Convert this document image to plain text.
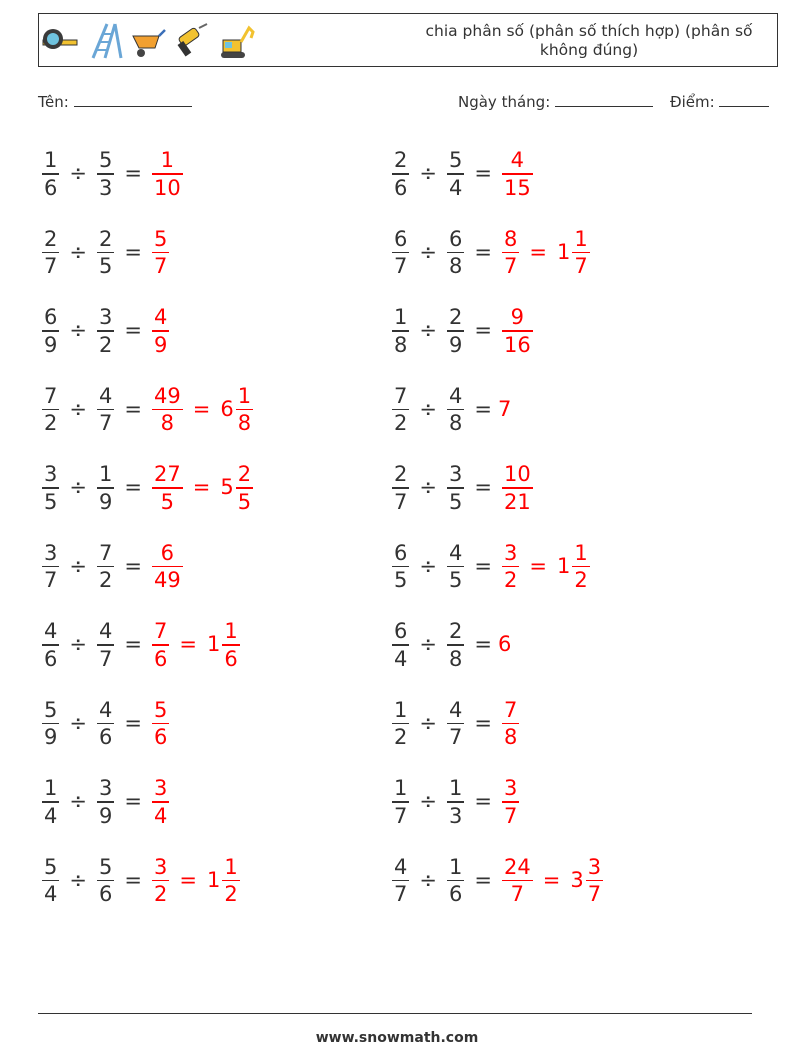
chia phân số (phân số thích hợp) (phân số không đúng)
Tên:	Ngày tháng:	Điểm:
$\frac{1}{6} \div \frac{5}{3} = \frac{1}{10}$	$\frac{2}{6} \div \frac{5}{4} = \frac{4}{15}$
$\frac{2}{7} \div \frac{2}{5} = \frac{5}{7}$	$\frac{6}{7} \div \frac{6}{8} = \frac{8}{7} = 1 \frac{1}{7}$
$\frac{6}{9} \div \frac{3}{2} = \frac{4}{9}$	$\frac{1}{8} \div \frac{2}{9} = \frac{9}{16}$
$\frac{7}{2} \div \frac{4}{7} = \frac{49}{8} = 6 \frac{1}{8}$	$\frac{7}{2} \div \frac{4}{8} = 7$
$\frac{3}{5} \div \frac{1}{9} = \frac{27}{5} = 5 \frac{2}{5}$	$\frac{2}{7} \div \frac{3}{5} = \frac{10}{21}$
$\frac{3}{7} \div \frac{7}{2} = \frac{6}{49}$	$\frac{6}{5} \div \frac{4}{5} = \frac{3}{2} = 1 \frac{1}{2}$
$\frac{4}{6} \div \frac{4}{7} = \frac{7}{6} = 1 \frac{1}{6}$	$\frac{6}{4} \div \frac{2}{8} = 6$
$\frac{5}{9} \div \frac{4}{6} = \frac{5}{6}$	$\frac{1}{2} \div \frac{4}{7} = \frac{7}{8}$
$\frac{1}{4} \div \frac{3}{9} = \frac{3}{4}$	$\frac{1}{7} \div \frac{1}{3} = \frac{3}{7}$
$\frac{5}{4} \div \frac{5}{6} = \frac{3}{2} = 1 \frac{1}{2}$	$\frac{4}{7} \div \frac{1}{6} = \frac{24}{7} = 3 \frac{3}{7}$
www.snowmath.com
